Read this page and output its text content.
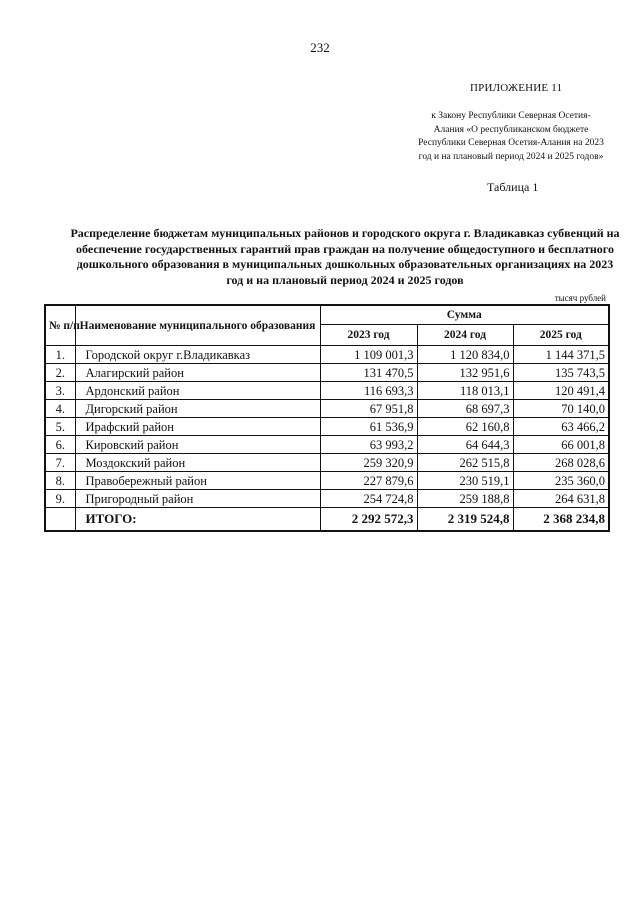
232
ПРИЛОЖЕНИЕ 11
к Закону Республики Северная Осетия-Алания «О республиканском бюджете Республики Северная Осетия-Алания на 2023 год и на плановый период 2024 и 2025 годов»
Таблица 1
Распределение бюджетам муниципальных районов и городского округа г. Владикавказ субвенций на обеспечение государственных гарантий прав граждан на получение общедоступного и бесплатного дошкольного образования в муниципальных дошкольных образовательных организациях на 2023 год и на плановый период 2024 и 2025 годов
тысяч рублей
№ п/п	Наименование муниципального образования	Сумма		
		2023 год	2024 год	2025 год
1.	Городской округ г.Владикавказ	1 109 001,3	1 120 834,0	1 144 371,5
2.	Алагирский район	131 470,5	132 951,6	135 743,5
3.	Ардонский район	116 693,3	118 013,1	120 491,4
4.	Дигорский район	67 951,8	68 697,3	70 140,0
5.	Ирафский район	61 536,9	62 160,8	63 466,2
6.	Кировский район	63 993,2	64 644,3	66 001,8
7.	Моздокский район	259 320,9	262 515,8	268 028,6
8.	Правобережный район	227 879,6	230 519,1	235 360,0
9.	Пригородный район	254 724,8	259 188,8	264 631,8
	ИТОГО:	2 292 572,3	2 319 524,8	2 368 234,8
